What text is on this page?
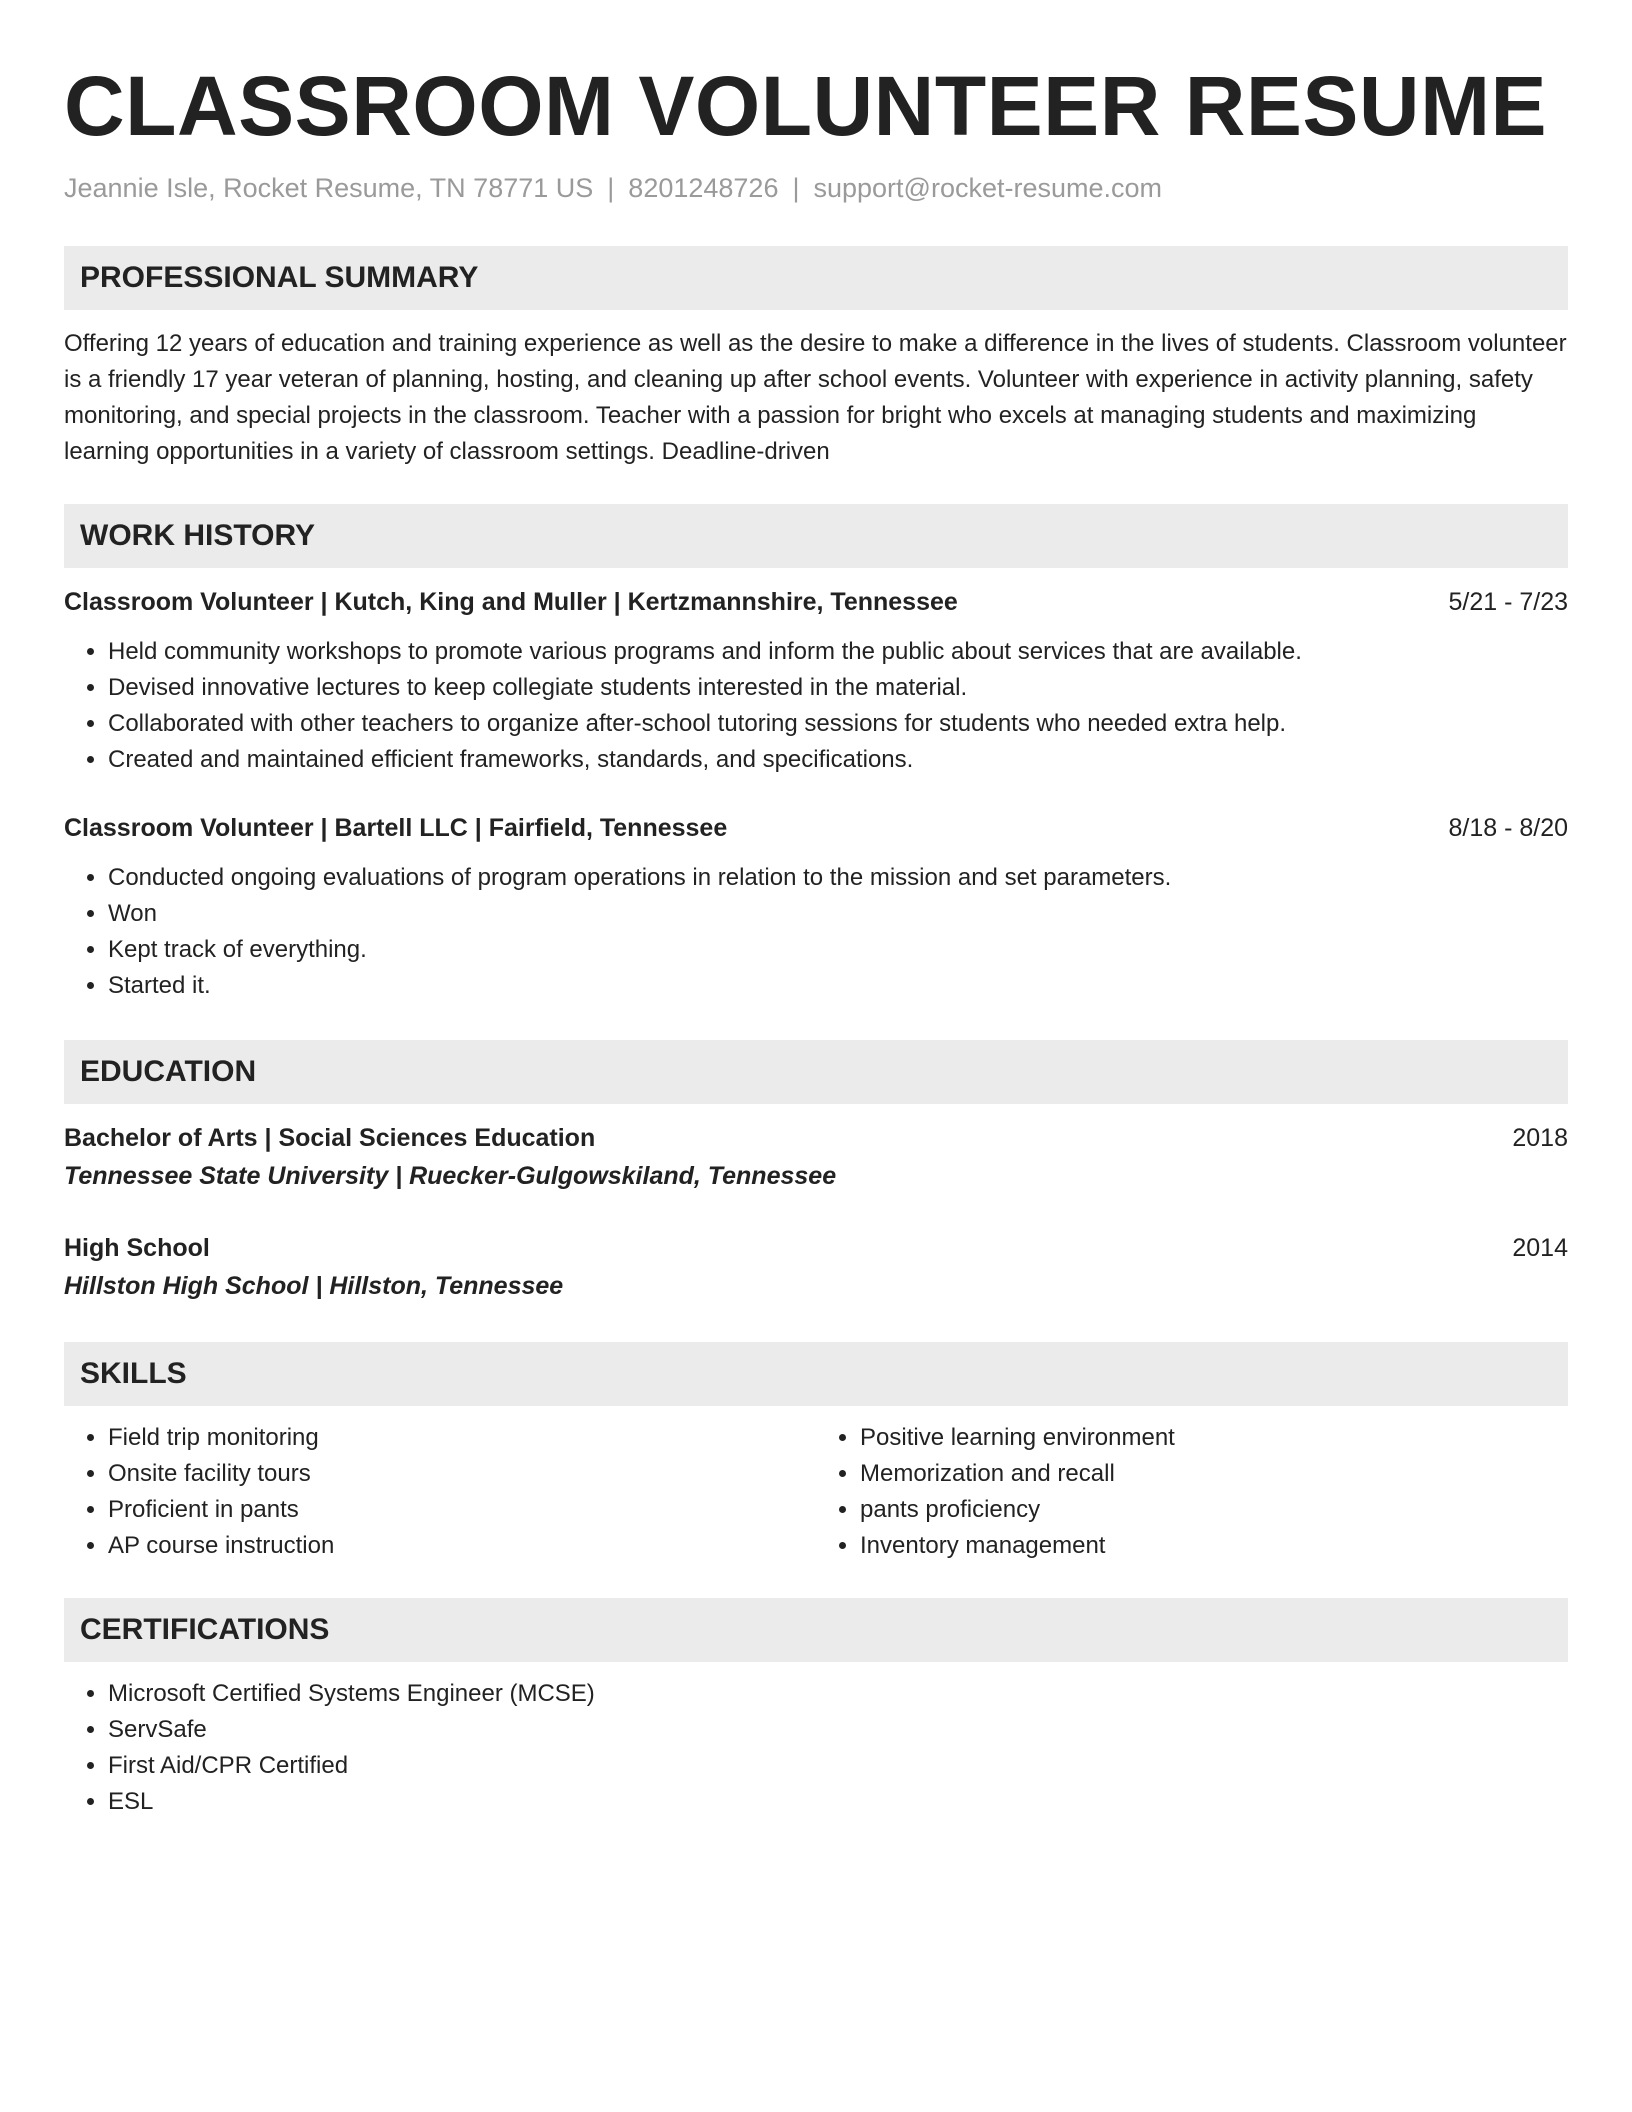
CLASSROOM VOLUNTEER RESUME
Jeannie Isle, Rocket Resume, TN 78771 US | 8201248726 | support@rocket-resume.com
PROFESSIONAL SUMMARY

Offering 12 years of education and training experience as well as the desire to make a difference in the lives of students. Classroom volunteer is a friendly 17 year veteran of planning, hosting, and cleaning up after school events. Volunteer with experience in activity planning, safety monitoring, and special projects in the classroom. Teacher with a passion for bright who excels at managing students and maximizing learning opportunities in a variety of classroom settings. Deadline-driven

WORK HISTORY
Classroom Volunteer | Kutch, King and Muller | Kertzmannshire, Tennessee	5/21 - 7/23
• Held community workshops to promote various programs and inform the public about services that are available.
• Devised innovative lectures to keep collegiate students interested in the material.
• Collaborated with other teachers to organize after-school tutoring sessions for students who needed extra help.
• Created and maintained efficient frameworks, standards, and specifications.
Classroom Volunteer | Bartell LLC | Fairfield, Tennessee	8/18 - 8/20
• Conducted ongoing evaluations of program operations in relation to the mission and set parameters.
• Won
• Kept track of everything.
• Started it.
EDUCATION
Bachelor of Arts | Social Sciences Education	2018
Tennessee State University | Ruecker-Gulgowskiland, Tennessee
High School	2014
Hillston High School | Hillston, Tennessee
SKILLS
• Field trip monitoring
• Onsite facility tours
• Proficient in pants
• AP course instruction
• Positive learning environment
• Memorization and recall
• pants proficiency
• Inventory management
CERTIFICATIONS
• Microsoft Certified Systems Engineer (MCSE)
• ServSafe
• First Aid/CPR Certified
• ESL
